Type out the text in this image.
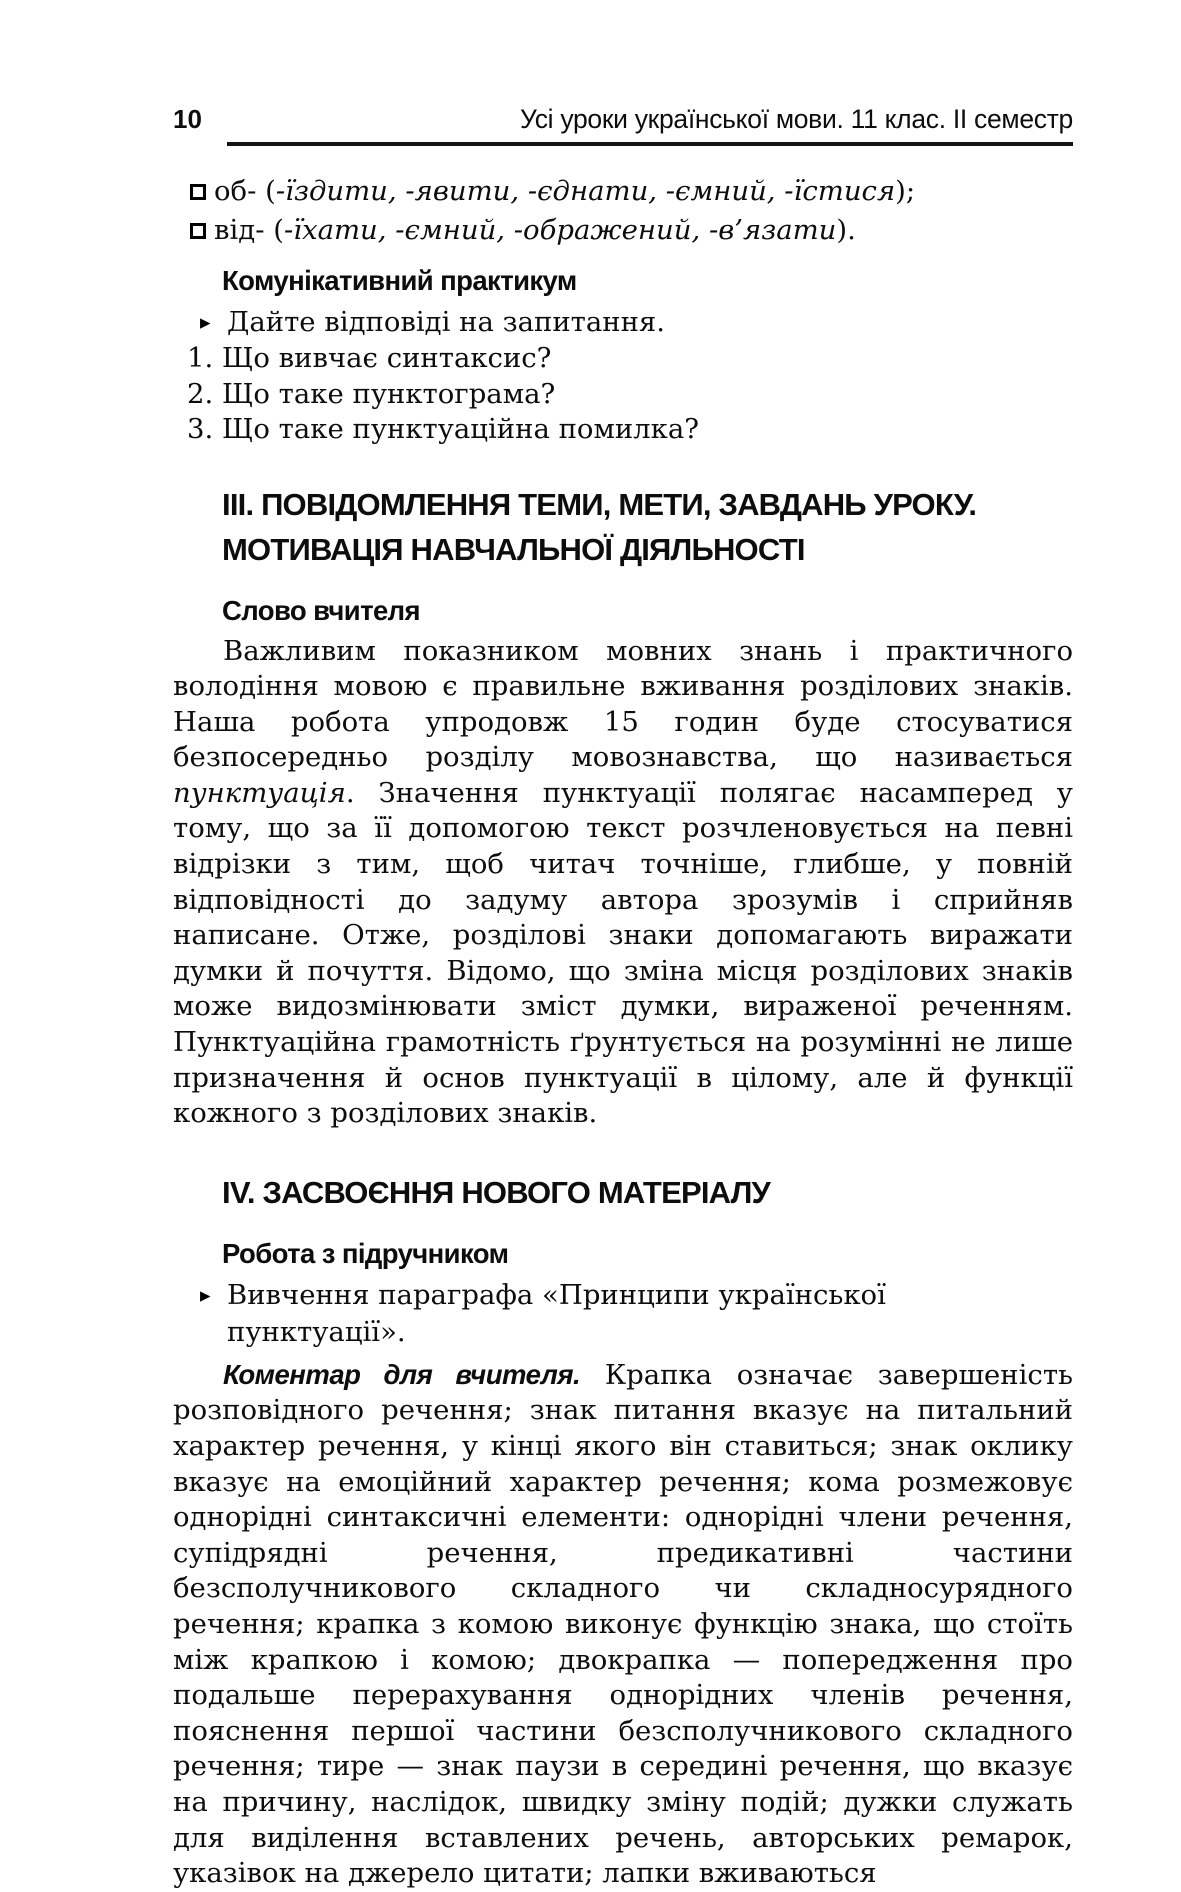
10	Усі уроки української мови. 11 клас. ІІ семестр
об- (-їздити, -явити, -єднати, -ємний, -їстися);
від- (-їхати, -ємний, -ображений, -в’язати).
Комунікативний практикум
▸ Дайте відповіді на запитання.
1. Що вивчає синтаксис?
2. Що таке пунктограма?
3. Що таке пунктуаційна помилка?
ІІІ. ПОВІДОМЛЕННЯ ТЕМИ, МЕТИ, ЗАВДАНЬ УРОКУ.
МОТИВАЦІЯ НАВЧАЛЬНОЇ ДІЯЛЬНОСТІ
Слово вчителя

Важливим показником мовних знань і практичного володіння мовою є правильне вживання розділових знаків. Наша робота упродовж 15 годин буде стосуватися безпосередньо розділу мовознавства, що називається пунктуація. Значення пунктуації полягає насамперед у тому, що за її допомогою текст розчленовується на певні відрізки з тим, щоб читач точніше, глибше, у повній відповідності до задуму автора зрозумів і сприйняв написане. Отже, розділові знаки допомагають виражати думки й почуття. Відомо, що зміна місця розділових знаків може видозмінювати зміст думки, вираженої реченням. Пунктуаційна грамотність ґрунтується на розумінні не лише призначення й основ пунктуації в цілому, але й функції кожного з розділових знаків.

IV. ЗАСВОЄННЯ НОВОГО МАТЕРІАЛУ
Робота з підручником
▸ Вивчення параграфа «Принципи української пунктуації».

Коментар для вчителя. Крапка означає завершеність розповідного речення; знак питання вказує на питальний характер речення, у кінці якого він ставиться; знак оклику вказує на емоційний характер речення; кома розмежовує однорідні синтаксичні елементи: однорідні члени речення, супідрядні речення, предикативні частини безсполучникового складного чи складносурядного речення; крапка з комою виконує функцію знака, що стоїть між крапкою і комою; двокрапка — попередження про подальше перерахування однорідних членів речення, пояснення першої частини безсполучникового складного речення; тире — знак паузи в середині речення, що вказує на причину, наслідок, швидку зміну подій; дужки служать для виділення вставлених речень, авторських ремарок, указівок на джерело цитати; лапки вживаються
